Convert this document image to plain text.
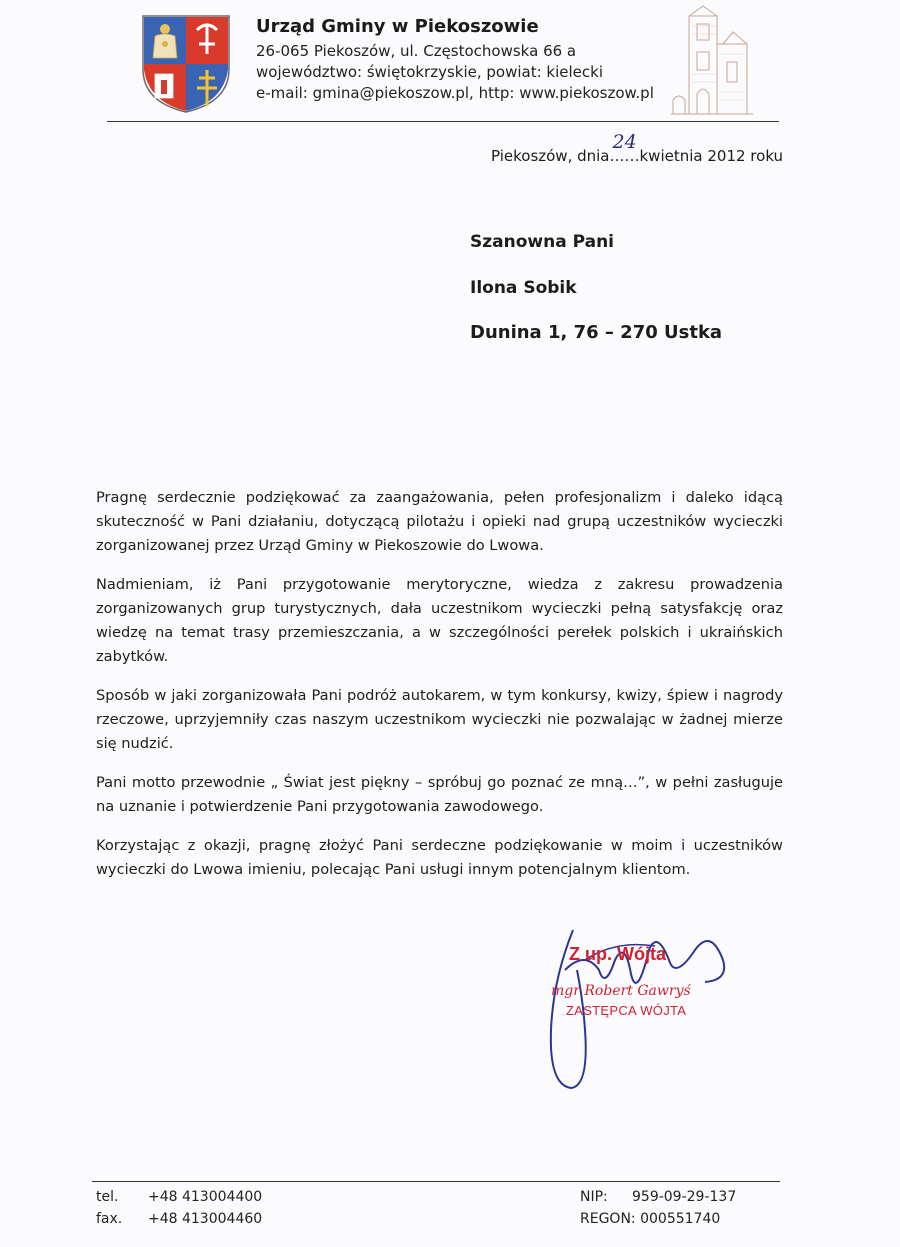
Urząd Gminy w Piekoszowie
26-065 Piekoszów, ul. Częstochowska 66 a
województwo: świętokrzyskie, powiat: kielecki
e-mail: gmina@piekoszow.pl, http: www.piekoszow.pl
Piekoszów, dnia……
24
kwietnia 2012 roku

Szanowna Pani

Ilona Sobik

Dunina 1, 76 – 270 Ustka

Pragnę serdecznie podziękować za zaangażowania, pełen profesjonalizm i daleko idącą skuteczność w Pani działaniu, dotyczącą pilotażu i opieki nad grupą uczestników wycieczki zorganizowanej przez Urząd Gminy w Piekoszowie do Lwowa.

Nadmieniam, iż Pani przygotowanie merytoryczne, wiedza z zakresu prowadzenia zorganizowanych grup turystycznych, dała uczestnikom wycieczki pełną satysfakcję oraz wiedzę na temat trasy przemieszczania, a w szczególności perełek polskich i ukraińskich zabytków.

Sposób w jaki zorganizowała Pani podróż autokarem, w tym konkursy, kwizy, śpiew i nagrody rzeczowe, uprzyjemniły czas naszym uczestnikom wycieczki nie pozwalając w żadnej mierze się nudzić.

Pani motto przewodnie „ Świat jest piękny – spróbuj go poznać ze mną…”, w pełni zasługuje na uznanie i potwierdzenie Pani przygotowania zawodowego.

Korzystając z okazji, pragnę złożyć Pani serdeczne podziękowanie w moim i uczestników wycieczki do Lwowa imieniu, polecając Pani usługi innym potencjalnym klientom.

Z up. Wójta
mgr Robert Gawryś
ZASTĘPCA WÓJTA
tel. +48 413004400
fax. +48 413004460
NIP: 959-09-29-137
REGON: 000551740
